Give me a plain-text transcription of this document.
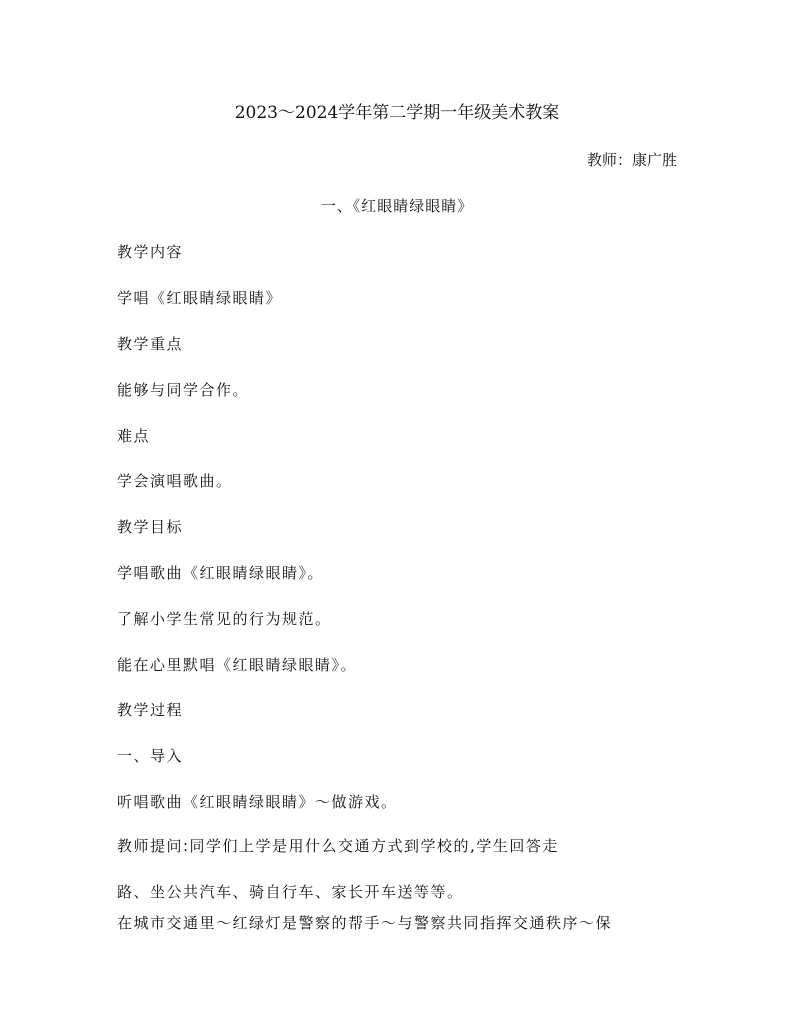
2023～2024学年第二学期一年级美术教案
教师：康广胜
一、《红眼睛绿眼睛》
教学内容
学唱《红眼睛绿眼睛》
教学重点
能够与同学合作。
难点
学会演唱歌曲。
教学目标
学唱歌曲《红眼睛绿眼睛》。
了解小学生常见的行为规范。
能在心里默唱《红眼睛绿眼睛》。
教学过程
一、导入
听唱歌曲《红眼睛绿眼睛》～做游戏。
教师提问:同学们上学是用什么交通方式到学校的,学生回答走
路、坐公共汽车、骑自行车、家长开车送等等。
在城市交通里～红绿灯是警察的帮手～与警察共同指挥交通秩序～保
